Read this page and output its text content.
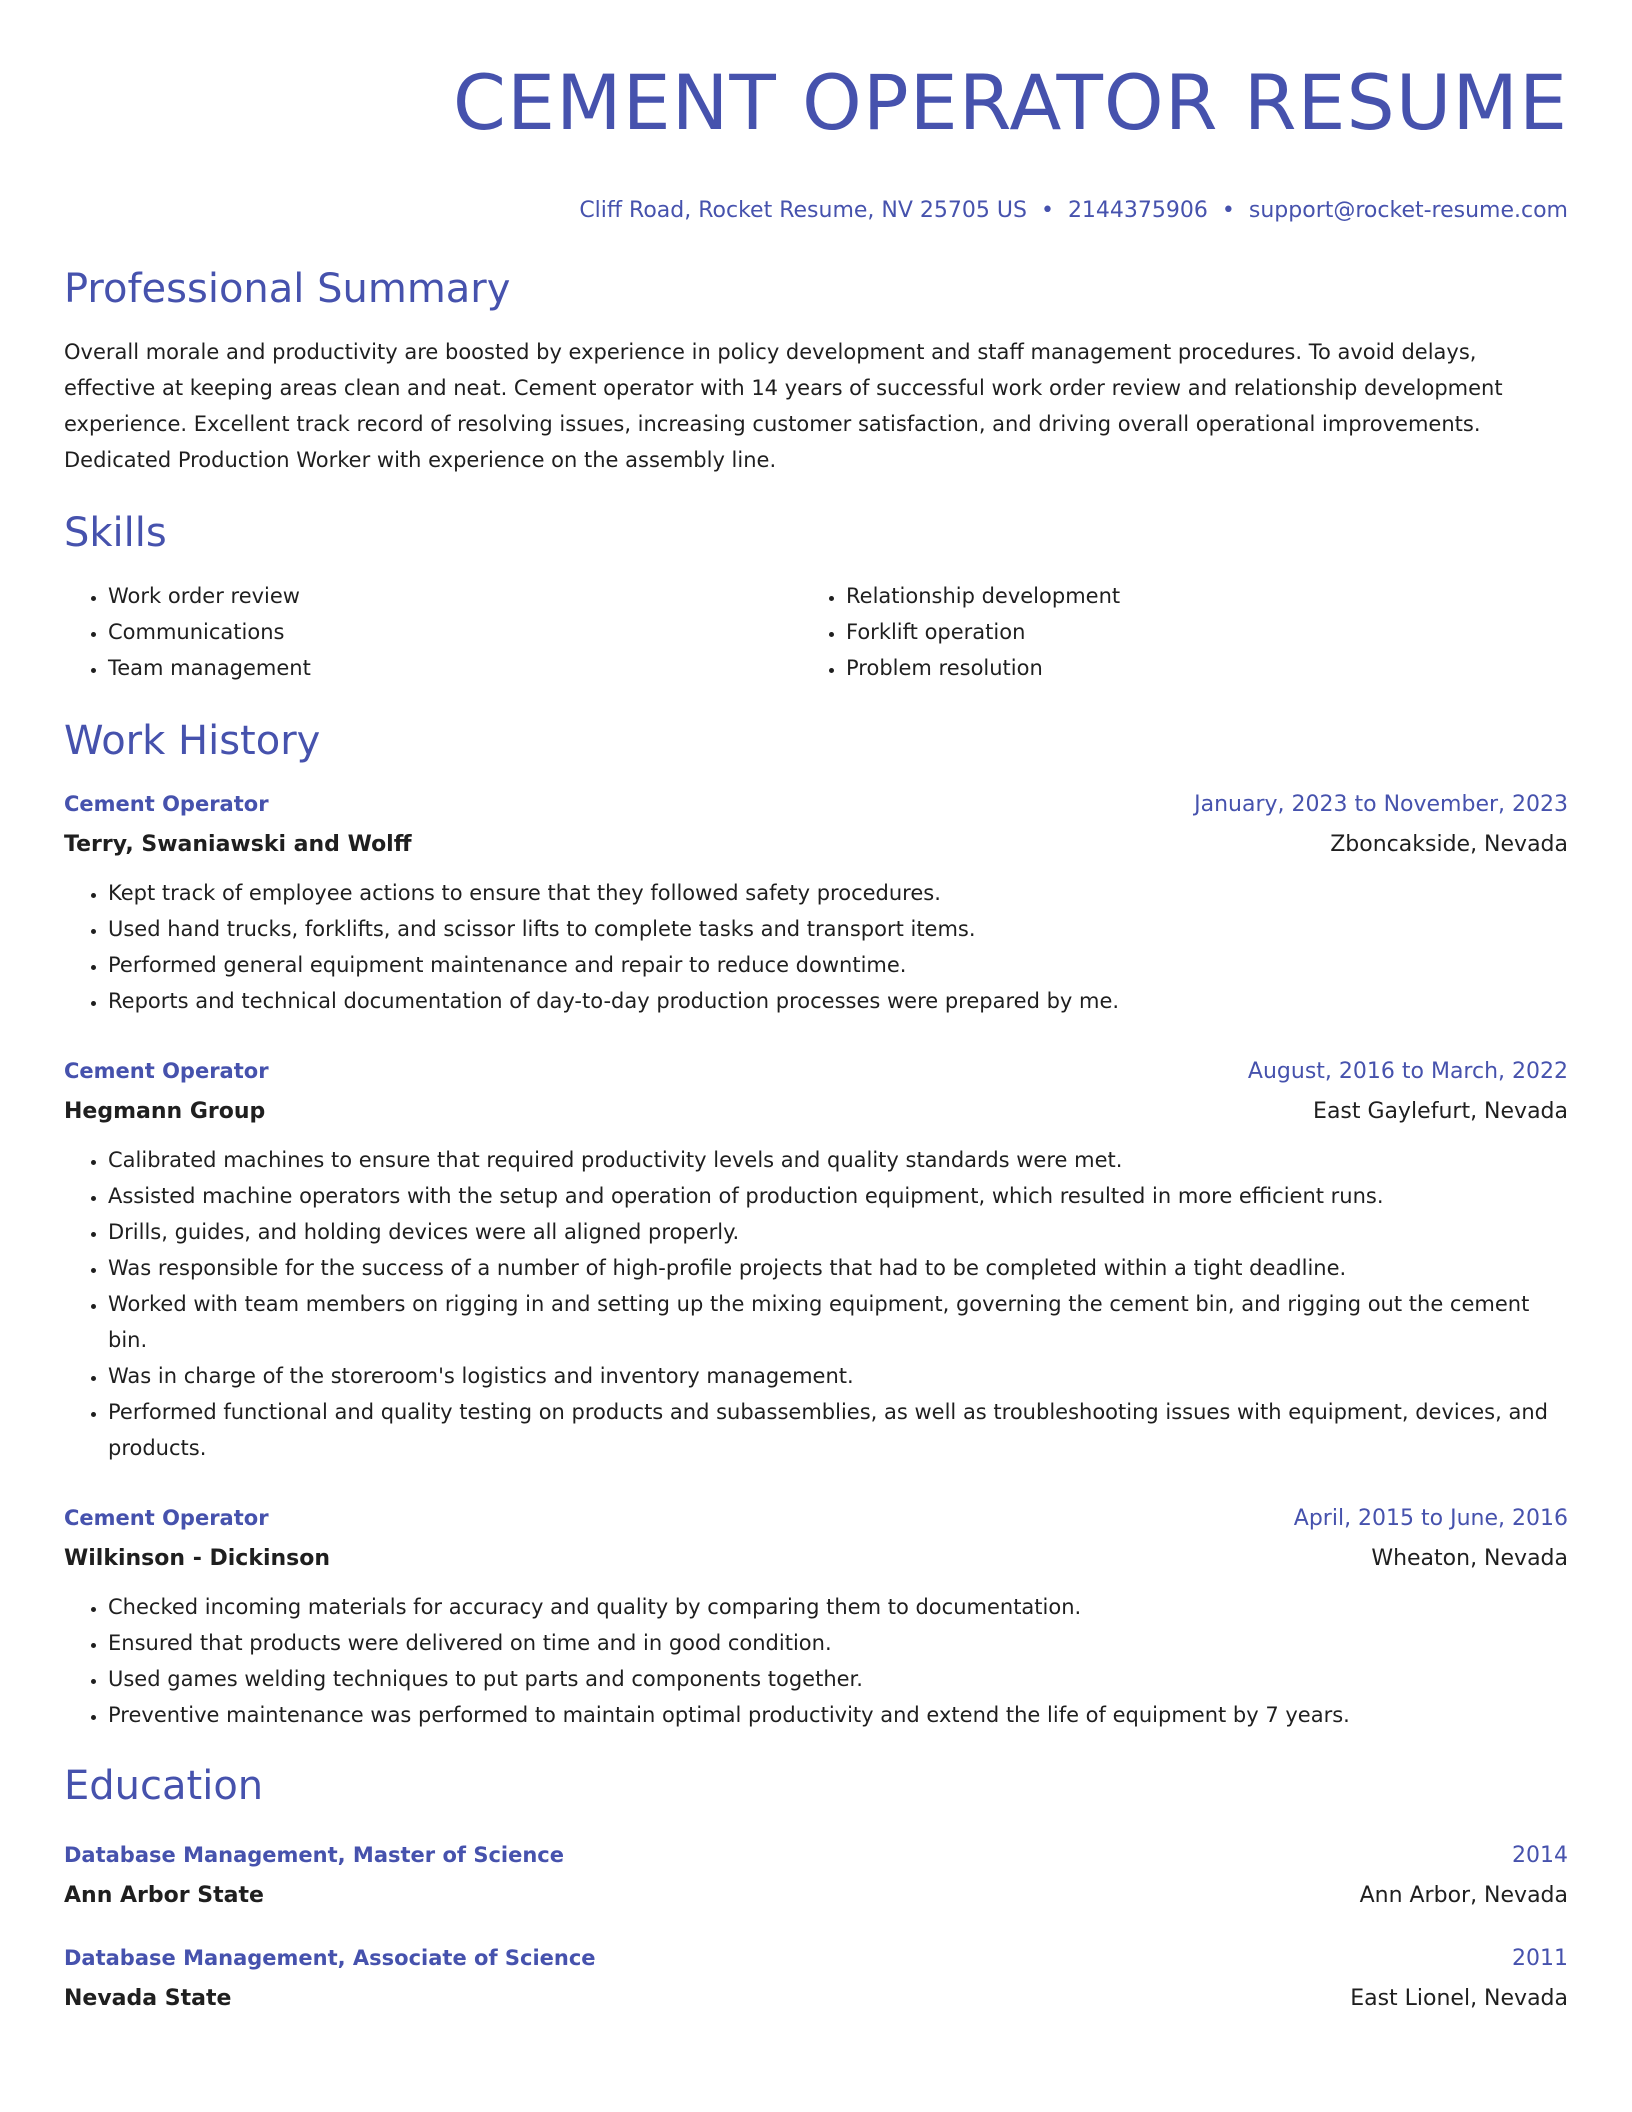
CEMENT OPERATOR RESUME
Cliff Road, Rocket Resume, NV 25705 US • 2144375906 • support@rocket-resume.com
Professional Summary

Overall morale and productivity are boosted by experience in policy development and staff management procedures. To avoid delays, effective at keeping areas clean and neat. Cement operator with 14 years of successful work order review and relationship development experience. Excellent track record of resolving issues, increasing customer satisfaction, and driving overall operational improvements. Dedicated Production Worker with experience on the assembly line.

Skills
• Work order review
• Communications
• Team management
• Relationship development
• Forklift operation
• Problem resolution
Work History
Cement Operator	January, 2023 to November, 2023
Terry, Swaniawski and Wolff	Zboncakside, Nevada
• Kept track of employee actions to ensure that they followed safety procedures.
• Used hand trucks, forklifts, and scissor lifts to complete tasks and transport items.
• Performed general equipment maintenance and repair to reduce downtime.
• Reports and technical documentation of day-to-day production processes were prepared by me.
Cement Operator	August, 2016 to March, 2022
Hegmann Group	East Gaylefurt, Nevada
• Calibrated machines to ensure that required productivity levels and quality standards were met.
• Assisted machine operators with the setup and operation of production equipment, which resulted in more efficient runs.
• Drills, guides, and holding devices were all aligned properly.
• Was responsible for the success of a number of high-profile projects that had to be completed within a tight deadline.
• Worked with team members on rigging in and setting up the mixing equipment, governing the cement bin, and rigging out the cement bin.
• Was in charge of the storeroom's logistics and inventory management.
• Performed functional and quality testing on products and subassemblies, as well as troubleshooting issues with equipment, devices, and products.
Cement Operator	April, 2015 to June, 2016
Wilkinson - Dickinson	Wheaton, Nevada
• Checked incoming materials for accuracy and quality by comparing them to documentation.
• Ensured that products were delivered on time and in good condition.
• Used games welding techniques to put parts and components together.
• Preventive maintenance was performed to maintain optimal productivity and extend the life of equipment by 7 years.
Education
Database Management, Master of Science	2014
Ann Arbor State	Ann Arbor, Nevada
Database Management, Associate of Science	2011
Nevada State	East Lionel, Nevada
